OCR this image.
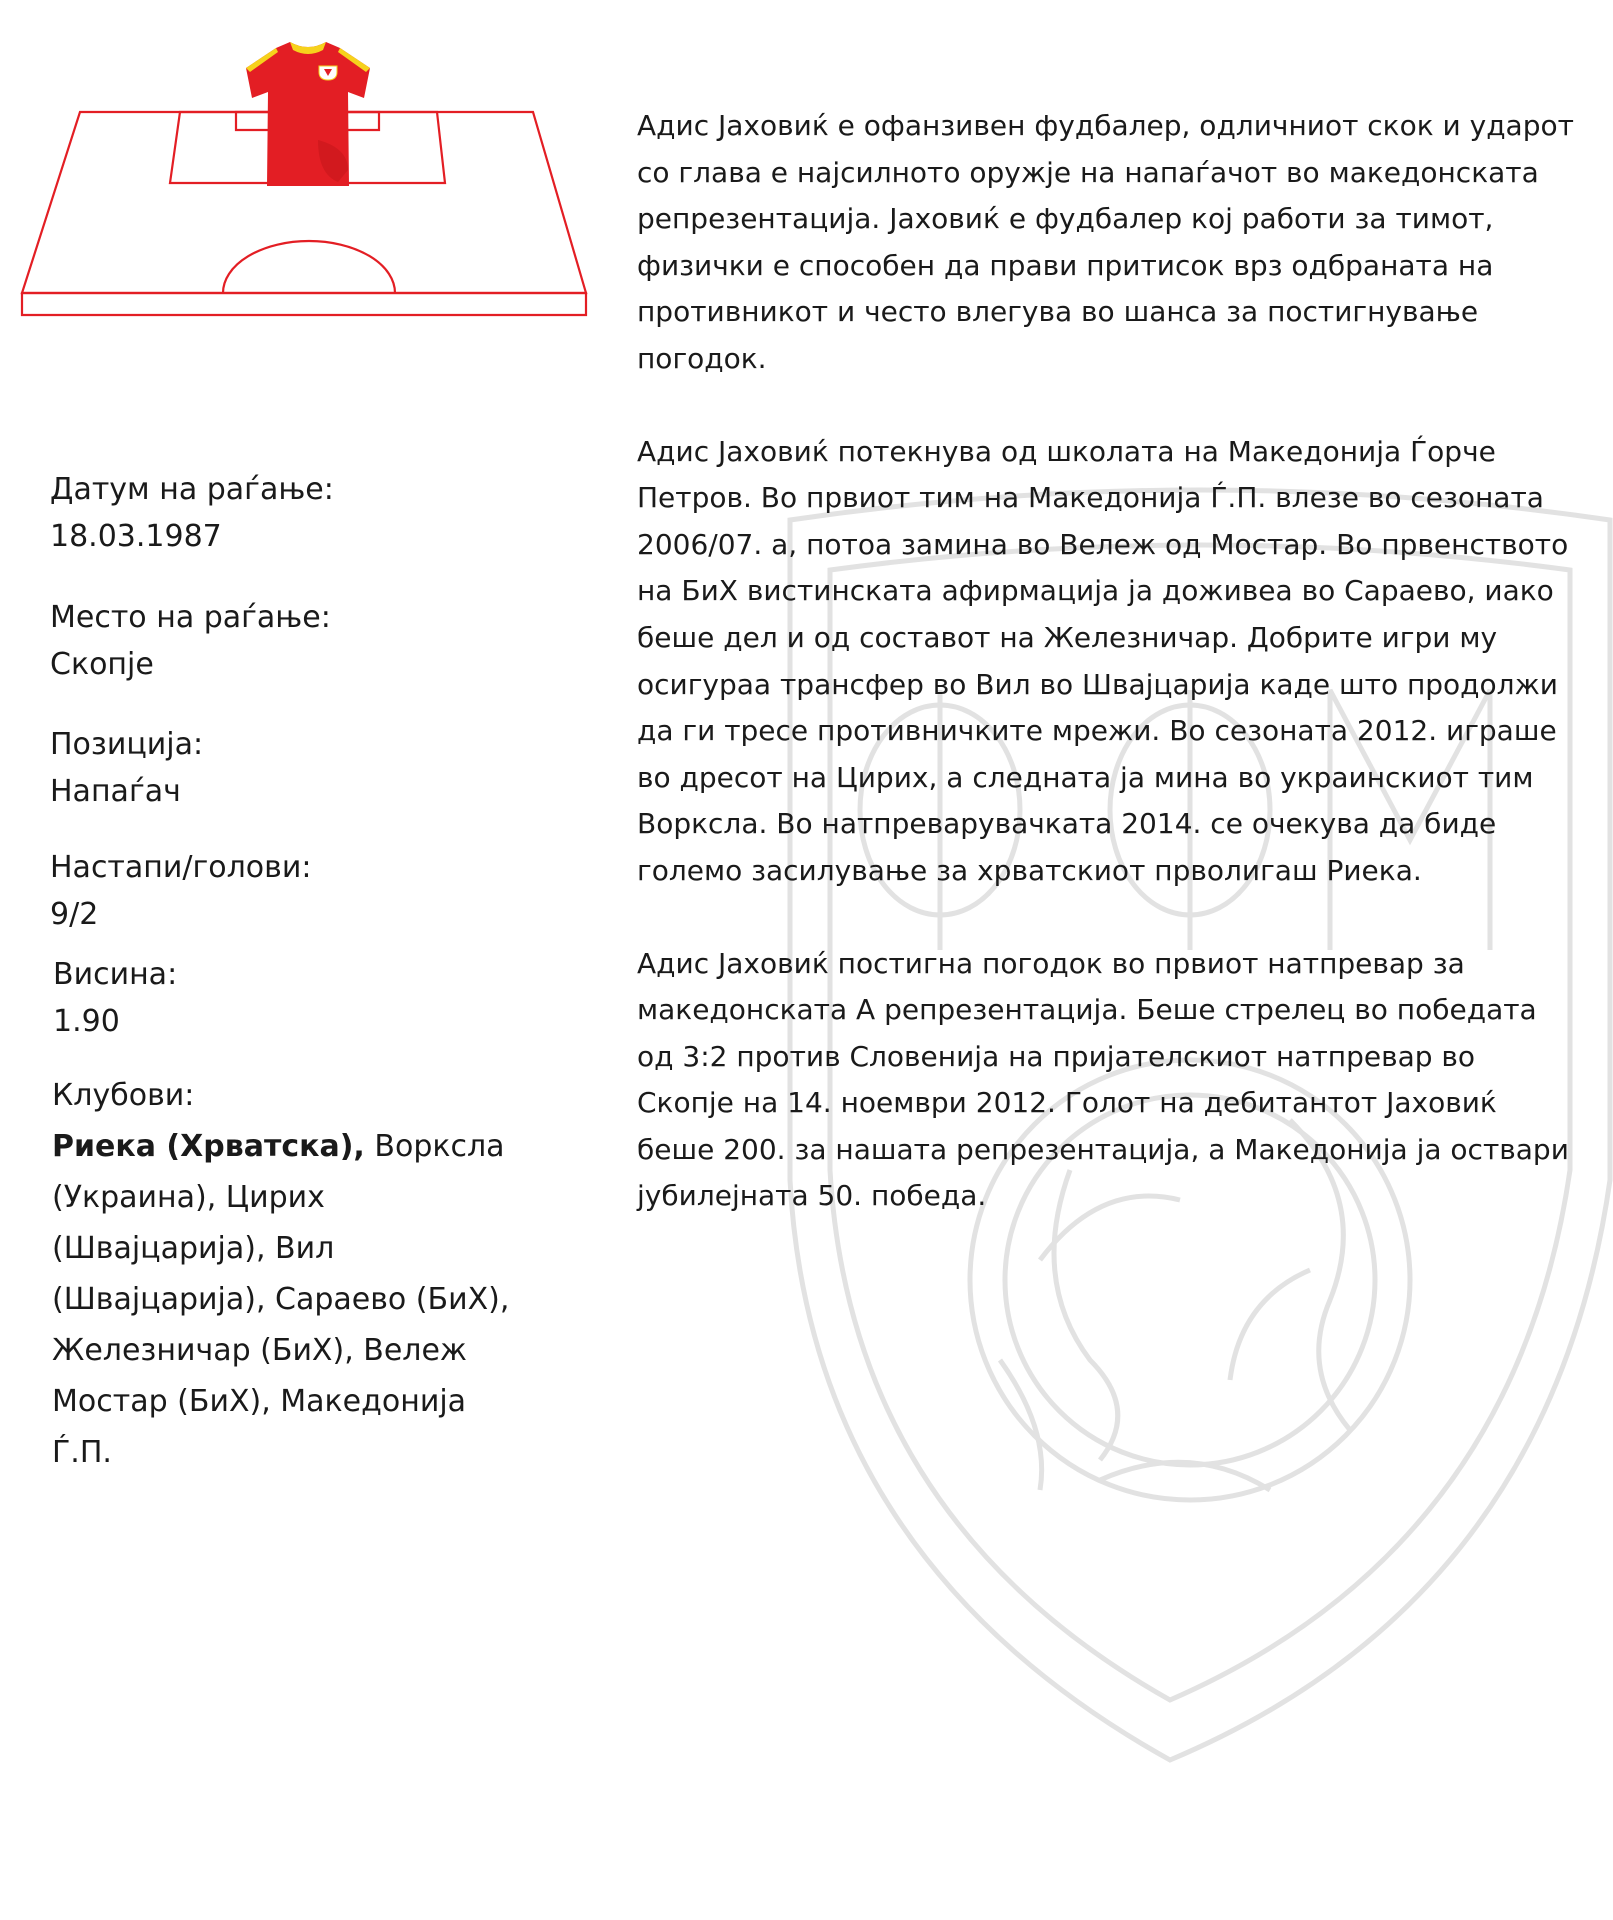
Датум на раѓање:
18.03.1987
Место на раѓање:
Скопје
Позиција:
Напаѓач
Настапи/голови:
9/2
Висина:
1.90
Клубови:
Риека (Хрватска), Ворксла (Украина), Цирих (Швајцарија), Вил (Швајцарија), Сараево (БиХ), Железничар (БиХ), Вележ Мостар (БиХ), Македонија Ѓ.П.

Адис Јаховиќ е офанзивен фудбалер, одличниот скок и ударот со глава е најсилното оружје на напаѓачот во македонската репрезентација. Јаховиќ е фудбалер кој работи за тимот, физички е способен да прави притисок врз одбраната на противникот и често влегува во шанса за постигнување погодок.

Адис Јаховиќ потекнува од школата на Македонија Ѓорче Петров. Во првиот тим на Македонија Ѓ.П. влезе во сезоната 2006/07. а, потоа замина во Вележ од Мостар. Во првенството на БиХ вистинската афирмација ја доживеа во Сараево, иако беше дел и од составот на Железничар. Добрите игри му осигураа трансфер во Вил во Швајцарија каде што продолжи да ги тресе противничките мрежи. Во сезоната 2012. играше во дресот на Цирих, а следната ја мина во украинскиот тим Ворксла. Во натпреварувачката 2014. се очекува да биде големо засилување за хрватскиот прволигаш Риека.

Адис Јаховиќ постигна погодок во првиот натпревар за македонската А репрезентација. Беше стрелец во победата од 3:2 против Словенија на пријателскиот натпревар во Скопје на 14. ноември 2012. Голот на дебитантот Јаховиќ беше 200. за нашата репрезентација, а Македонија ја оствари јубилејната 50. победа.
